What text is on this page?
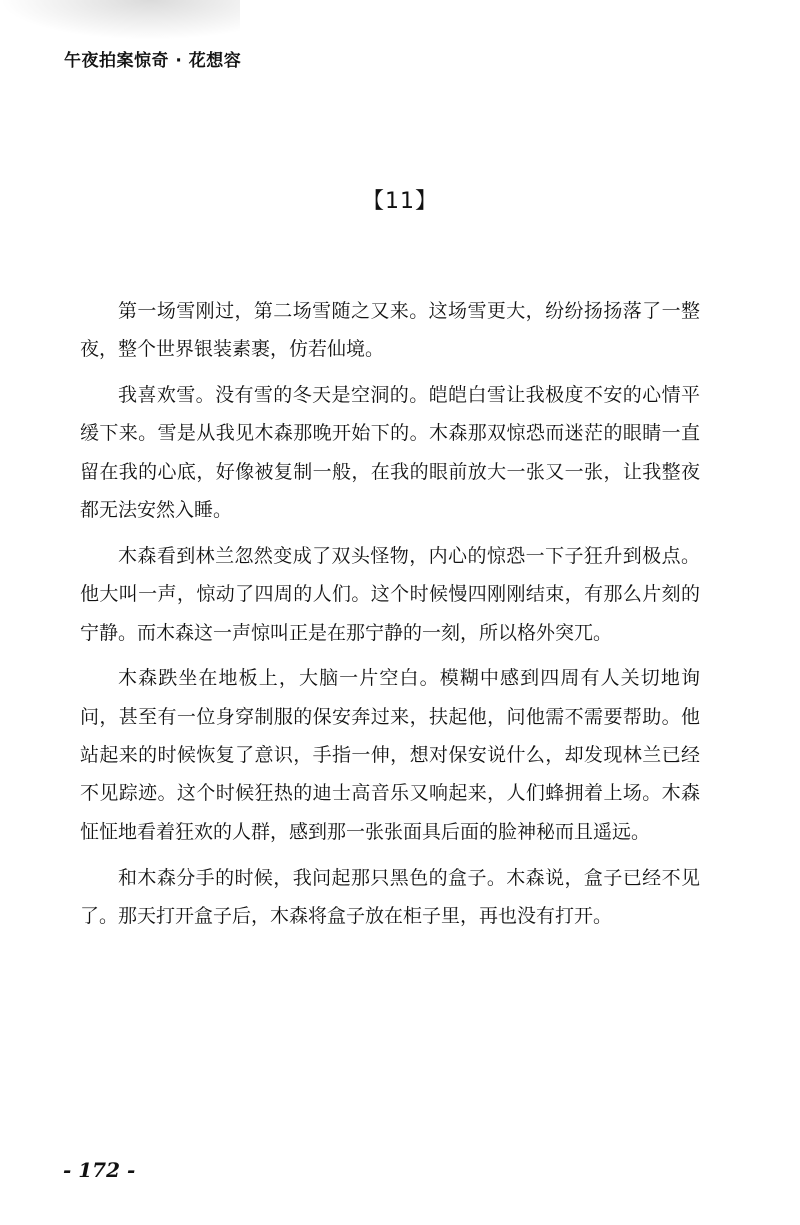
午夜拍案惊奇 · 花想容
【11】

第一场雪刚过，第二场雪随之又来。这场雪更大，纷纷扬扬落了一整夜，整个世界银装素裹，仿若仙境。

我喜欢雪。没有雪的冬天是空洞的。皑皑白雪让我极度不安的心情平缓下来。雪是从我见木森那晚开始下的。木森那双惊恐而迷茫的眼睛一直留在我的心底，好像被复制一般，在我的眼前放大一张又一张，让我整夜都无法安然入睡。

木森看到林兰忽然变成了双头怪物，内心的惊恐一下子狂升到极点。他大叫一声，惊动了四周的人们。这个时候慢四刚刚结束，有那么片刻的宁静。而木森这一声惊叫正是在那宁静的一刻，所以格外突兀。

木森跌坐在地板上，大脑一片空白。模糊中感到四周有人关切地询问，甚至有一位身穿制服的保安奔过来，扶起他，问他需不需要帮助。他站起来的时候恢复了意识，手指一伸，想对保安说什么，却发现林兰已经不见踪迹。这个时候狂热的迪士高音乐又响起来，人们蜂拥着上场。木森怔怔地看着狂欢的人群，感到那一张张面具后面的脸神秘而且遥远。

和木森分手的时候，我问起那只黑色的盒子。木森说，盒子已经不见了。那天打开盒子后，木森将盒子放在柜子里，再也没有打开。

- 172 -
